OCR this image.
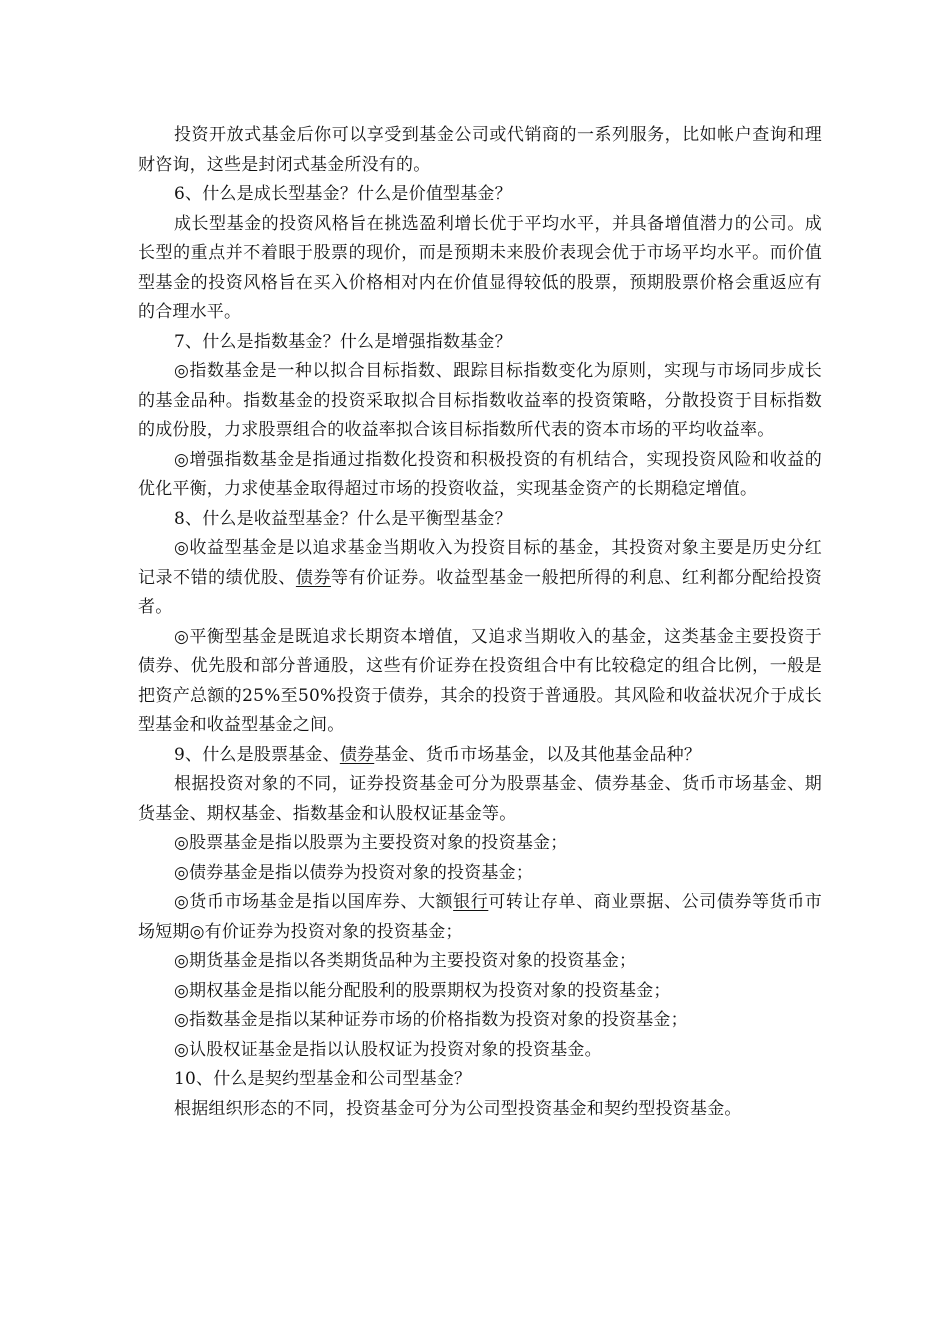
投资开放式基金后你可以享受到基金公司或代销商的一系列服务，比如帐户查询和理财咨询，这些是封闭式基金所没有的。

6、什么是成长型基金？什么是价值型基金？

成长型基金的投资风格旨在挑选盈利增长优于平均水平，并具备增值潜力的公司。成长型的重点并不着眼于股票的现价，而是预期未来股价表现会优于市场平均水平。而价值型基金的投资风格旨在买入价格相对内在价值显得较低的股票，预期股票价格会重返应有的合理水平。

7、什么是指数基金？什么是增强指数基金？

◎指数基金是一种以拟合目标指数、跟踪目标指数变化为原则，实现与市场同步成长的基金品种。指数基金的投资采取拟合目标指数收益率的投资策略，分散投资于目标指数的成份股，力求股票组合的收益率拟合该目标指数所代表的资本市场的平均收益率。

◎增强指数基金是指通过指数化投资和积极投资的有机结合，实现投资风险和收益的优化平衡，力求使基金取得超过市场的投资收益，实现基金资产的长期稳定增值。

8、什么是收益型基金？什么是平衡型基金？

◎收益型基金是以追求基金当期收入为投资目标的基金，其投资对象主要是历史分红记录不错的绩优股、债券等有价证券。收益型基金一般把所得的利息、红利都分配给投资者。

◎平衡型基金是既追求长期资本增值，又追求当期收入的基金，这类基金主要投资于债券、优先股和部分普通股，这些有价证券在投资组合中有比较稳定的组合比例，一般是把资产总额的25%至50%投资于债券，其余的投资于普通股。其风险和收益状况介于成长型基金和收益型基金之间。

9、什么是股票基金、债券基金、货币市场基金，以及其他基金品种？

根据投资对象的不同，证券投资基金可分为股票基金、债券基金、货币市场基金、期货基金、期权基金、指数基金和认股权证基金等。

◎股票基金是指以股票为主要投资对象的投资基金；

◎债券基金是指以债券为投资对象的投资基金；

◎货币市场基金是指以国库券、大额银行可转让存单、商业票据、公司债券等货币市场短期◎有价证券为投资对象的投资基金；

◎期货基金是指以各类期货品种为主要投资对象的投资基金；

◎期权基金是指以能分配股利的股票期权为投资对象的投资基金；

◎指数基金是指以某种证券市场的价格指数为投资对象的投资基金；

◎认股权证基金是指以认股权证为投资对象的投资基金。

10、什么是契约型基金和公司型基金？

根据组织形态的不同，投资基金可分为公司型投资基金和契约型投资基金。
